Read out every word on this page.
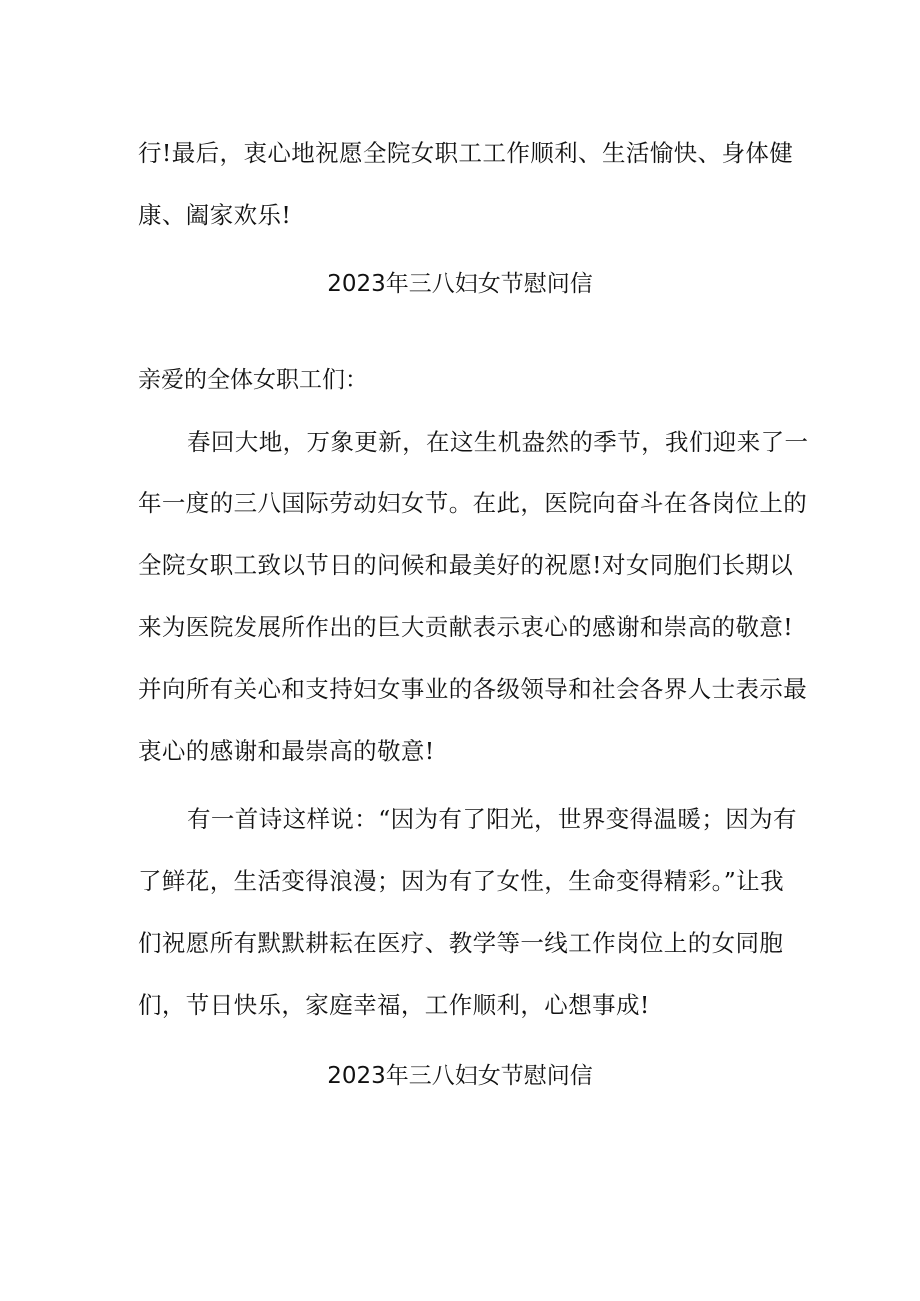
行!最后，衷心地祝愿全院女职工工作顺利、生活愉快、身体健
康、阖家欢乐!
2023年三八妇女节慰问信
亲爱的全体女职工们：
春回大地，万象更新，在这生机盎然的季节，我们迎来了一
年一度的三八国际劳动妇女节。在此，医院向奋斗在各岗位上的
全院女职工致以节日的问候和最美好的祝愿!对女同胞们长期以
来为医院发展所作出的巨大贡献表示衷心的感谢和崇高的敬意!
并向所有关心和支持妇女事业的各级领导和社会各界人士表示最
衷心的感谢和最崇高的敬意!
有一首诗这样说：“因为有了阳光，世界变得温暖；因为有
了鲜花，生活变得浪漫；因为有了女性，生命变得精彩。”让我
们祝愿所有默默耕耘在医疗、教学等一线工作岗位上的女同胞
们，节日快乐，家庭幸福，工作顺利，心想事成!
2023年三八妇女节慰问信
